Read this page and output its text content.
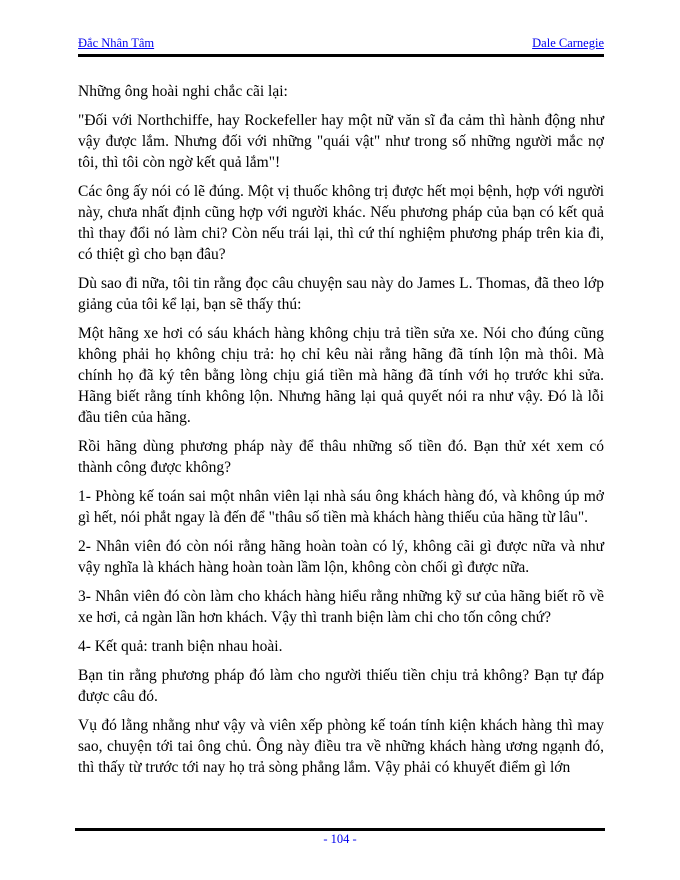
Đắc Nhân Tâm	Dale Carnegie

Những ông hoài nghi chắc cãi lại:

"Đối với Northchiffe, hay Rockefeller hay một nữ văn sĩ đa cảm thì hành động như vậy được lắm. Nhưng đối với những "quái vật" như trong số những người mắc nợ tôi, thì tôi còn ngờ kết quả lắm"!

Các ông ấy nói có lẽ đúng. Một vị thuốc không trị được hết mọi bệnh, hợp với người này, chưa nhất định cũng hợp với người khác. Nếu phương pháp của bạn có kết quả thì thay đổi nó làm chi? Còn nếu trái lại, thì cứ thí nghiệm phương pháp trên kia đi, có thiệt gì cho bạn đâu?

Dù sao đi nữa, tôi tin rằng đọc câu chuyện sau này do James L. Thomas, đã theo lớp giảng của tôi kể lại, bạn sẽ thấy thú:

Một hãng xe hơi có sáu khách hàng không chịu trả tiền sửa xe. Nói cho đúng cũng không phải họ không chịu trả: họ chỉ kêu nài rằng hãng đã tính lộn mà thôi. Mà chính họ đã ký tên bằng lòng chịu giá tiền mà hãng đã tính với họ trước khi sửa. Hãng biết rằng tính không lộn. Nhưng hãng lại quả quyết nói ra như vậy. Đó là lỗi đầu tiên của hãng.

Rồi hãng dùng phương pháp này để thâu những số tiền đó. Bạn thử xét xem có thành công được không?

1- Phòng kế toán sai một nhân viên lại nhà sáu ông khách hàng đó, và không úp mở gì hết, nói phắt ngay là đến để "thâu số tiền mà khách hàng thiếu của hãng từ lâu".

2- Nhân viên đó còn nói rằng hãng hoàn toàn có lý, không cãi gì được nữa và như vậy nghĩa là khách hàng hoàn toàn lầm lộn, không còn chối gì được nữa.

3- Nhân viên đó còn làm cho khách hàng hiểu rằng những kỹ sư của hãng biết rõ về xe hơi, cả ngàn lần hơn khách. Vậy thì tranh biện làm chi cho tốn công chứ?

4- Kết quả: tranh biện nhau hoài.

Bạn tin rằng phương pháp đó làm cho người thiếu tiền chịu trả không? Bạn tự đáp được câu đó.

Vụ đó lằng nhằng như vậy và viên xếp phòng kế toán tính kiện khách hàng thì may sao, chuyện tới tai ông chủ. Ông này điều tra về những khách hàng ương ngạnh đó, thì thấy từ trước tới nay họ trả sòng phẳng lắm. Vậy phải có khuyết điểm gì lớn

- 104 -
